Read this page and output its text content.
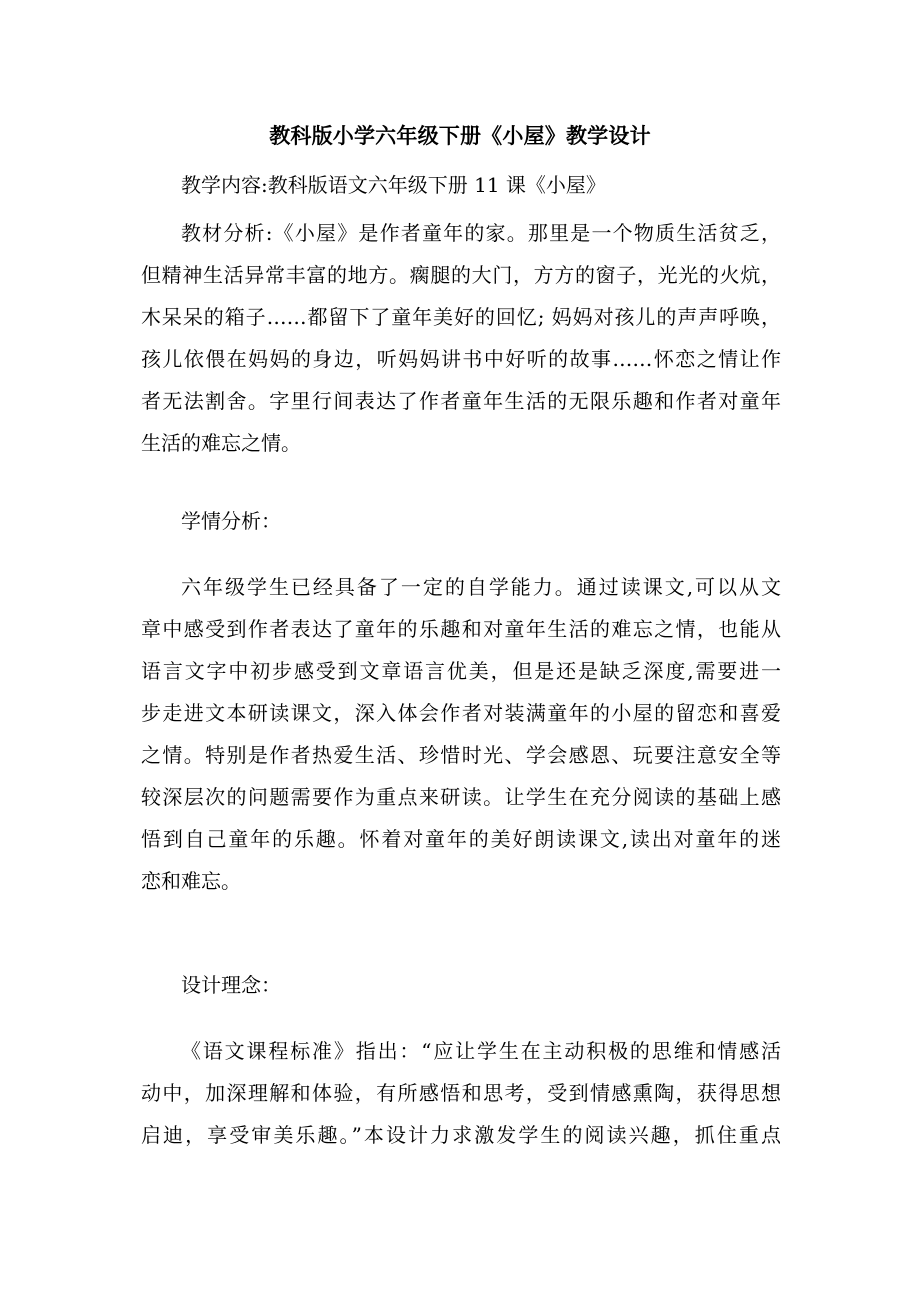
教科版小学六年级下册《小屋》教学设计
教学内容:教科版语文六年级下册 11 课《小屋》
教材分析:《小屋》是作者童年的家。那里是一个物质生活贫乏，
但精神生活异常丰富的地方。瘸腿的大门，方方的窗子，光光的火炕，
木呆呆的箱子……都留下了童年美好的回忆; 妈妈对孩儿的声声呼唤，
孩儿依偎在妈妈的身边，听妈妈讲书中好听的故事……怀恋之情让作
者无法割舍。字里行间表达了作者童年生活的无限乐趣和作者对童年
生活的难忘之情。
学情分析：
六年级学生已经具备了一定的自学能力。通过读课文,可以从文
章中感受到作者表达了童年的乐趣和对童年生活的难忘之情，也能从
语言文字中初步感受到文章语言优美，但是还是缺乏深度,需要进一
步走进文本研读课文，深入体会作者对装满童年的小屋的留恋和喜爱
之情。特别是作者热爱生活、珍惜时光、学会感恩、玩要注意安全等
较深层次的问题需要作为重点来研读。让学生在充分阅读的基础上感
悟到自己童年的乐趣。怀着对童年的美好朗读课文,读出对童年的迷
恋和难忘。
设计理念：
《语文课程标准》指出：“应让学生在主动积极的思维和情感活
动中，加深理解和体验，有所感悟和思考，受到情感熏陶，获得思想
启迪，享受审美乐趣。”本设计力求激发学生的阅读兴趣，抓住重点
